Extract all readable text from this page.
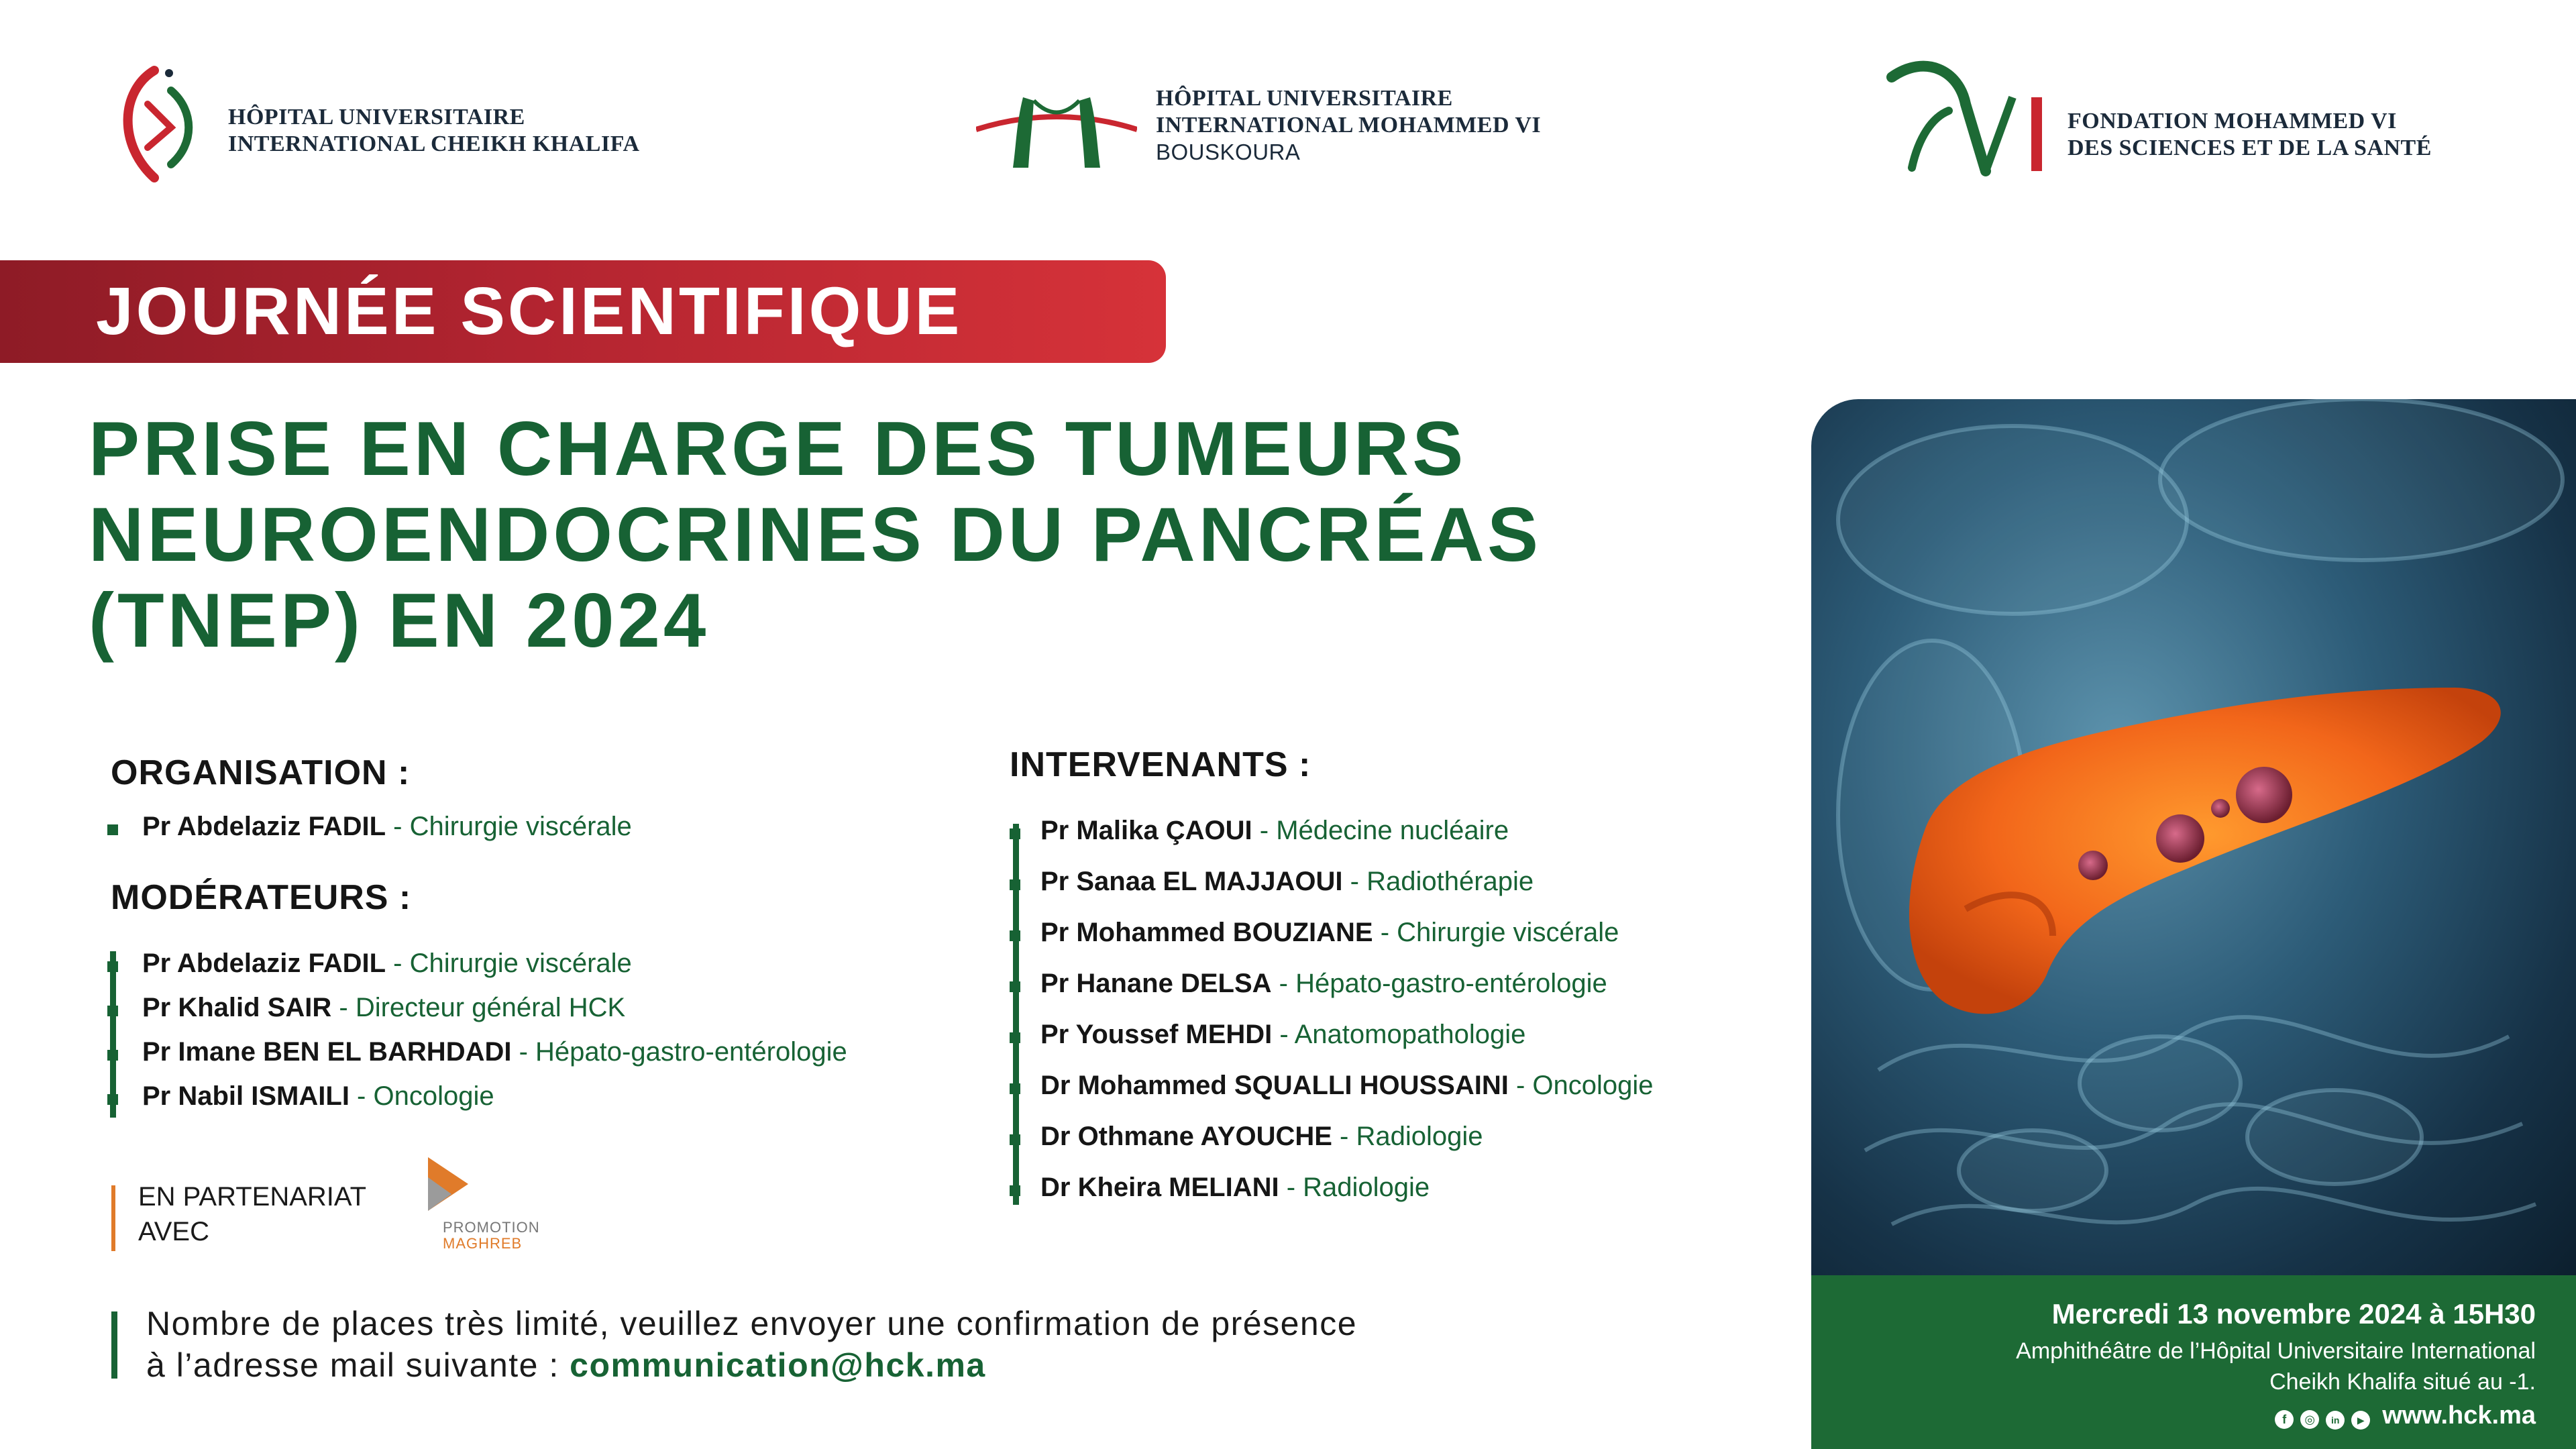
HÔPITAL UNIVERSITAIRE
INTERNATIONAL CHEIKH KHALIFA
HÔPITAL UNIVERSITAIRE
INTERNATIONAL MOHAMMED VI
BOUSKOURA
FONDATION MOHAMMED VI
DES SCIENCES ET DE LA SANTÉ
JOURNÉE SCIENTIFIQUE
PRISE EN CHARGE DES TUMEURS
NEUROENDOCRINES DU PANCRÉAS
(TNEP) EN 2024
ORGANISATION :
Pr Abdelaziz FADIL - Chirurgie viscérale
MODÉRATEURS :
Pr Abdelaziz FADIL - Chirurgie viscérale
Pr Khalid SAIR - Directeur général HCK
Pr Imane BEN EL BARHDADI - Hépato-gastro-entérologie
Pr Nabil ISMAILI - Oncologie
EN PARTENARIAT
AVEC	PROMOTION
MAGHREB
Nombre de places très limité, veuillez envoyer une confirmation de présence
à l’adresse mail suivante : communication@hck.ma
INTERVENANTS :
Pr Malika ÇAOUI - Médecine nucléaire
Pr Sanaa EL MAJJAOUI - Radiothérapie
Pr Mohammed BOUZIANE - Chirurgie viscérale
Pr Hanane DELSA - Hépato-gastro-entérologie
Pr Youssef MEHDI - Anatomopathologie
Dr Mohammed SQUALLI HOUSSAINI - Oncologie
Dr Othmane AYOUCHE - Radiologie
Dr Kheira MELIANI - Radiologie
Mercredi 13 novembre 2024 à 15H30
Amphithéâtre de l’Hôpital Universitaire International
Cheikh Khalifa situé au -1.
f ◎ in ▶ www.hck.ma
